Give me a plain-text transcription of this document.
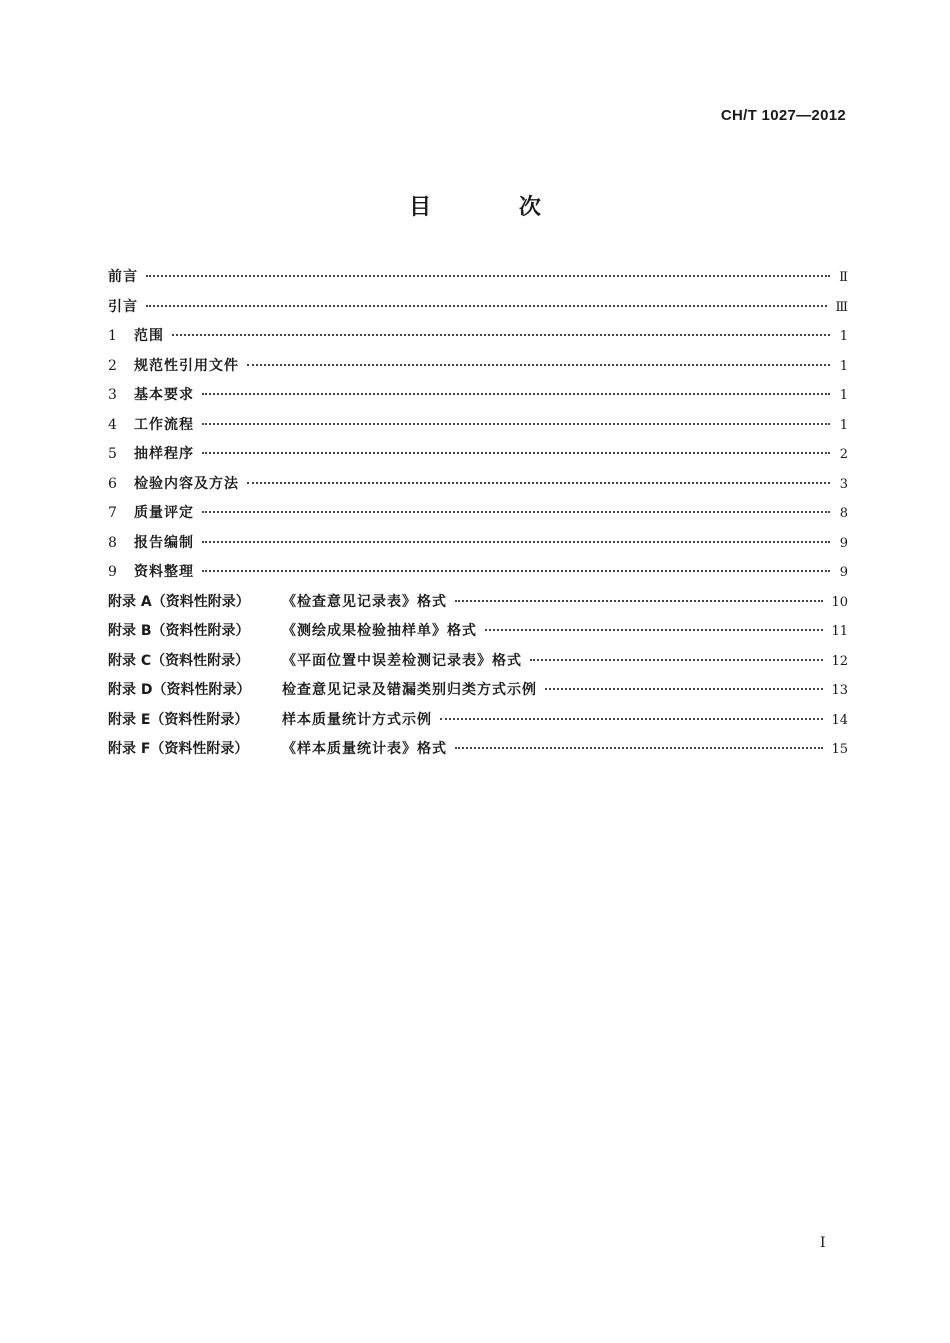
CH/T 1027—2012
目 次
前言	Ⅱ
引言	Ⅲ
1	范围	1
2	规范性引用文件	1
3	基本要求	1
4	工作流程	1
5	抽样程序	2
6	检验内容及方法	3
7	质量评定	8
8	报告编制	9
9	资料整理	9
附录 A（资料性附录）	《检查意见记录表》格式	10
附录 B（资料性附录）	《测绘成果检验抽样单》格式	11
附录 C（资料性附录）	《平面位置中误差检测记录表》格式	12
附录 D（资料性附录）	检查意见记录及错漏类别归类方式示例	13
附录 E（资料性附录）	样本质量统计方式示例	14
附录 F（资料性附录）	《样本质量统计表》格式	15
I
